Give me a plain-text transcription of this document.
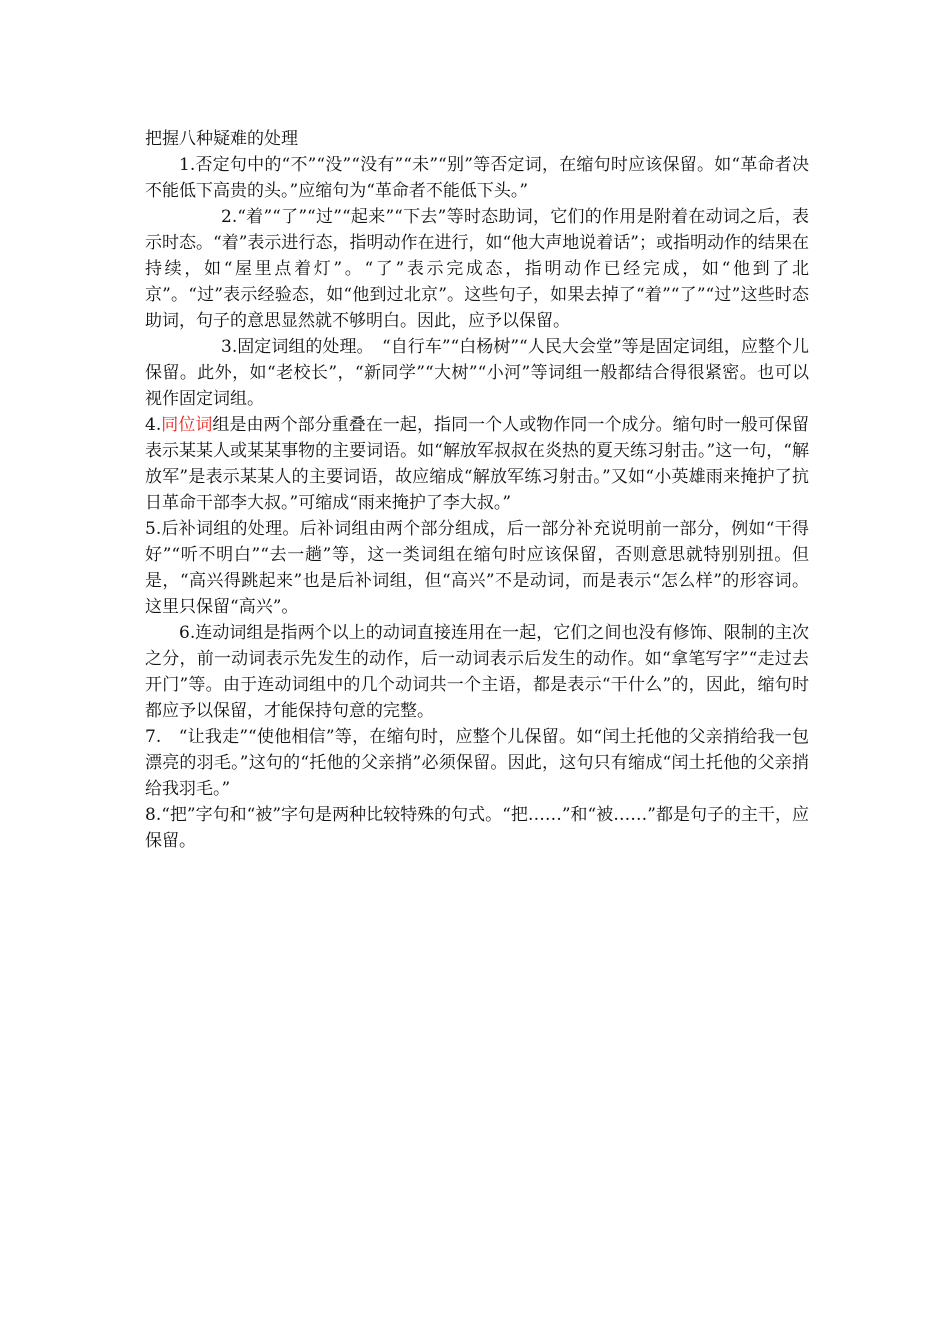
把握八种疑难的处理

1.否定句中的“不”“没”“没有”“未”“别”等否定词，在缩句时应该保留。如“革命者决不能低下高贵的头。”应缩句为“革命者不能低下头。”

2.“着”“了”“过”“起来”“下去”等时态助词，它们的作用是附着在动词之后，表示时态。“着”表示进行态，指明动作在进行，如“他大声地说着话”；或指明动作的结果在持续，如“屋里点着灯”。“了”表示完成态，指明动作已经完成，如“他到了北京”。“过”表示经验态，如“他到过北京”。这些句子，如果去掉了“着”“了”“过”这些时态助词，句子的意思显然就不够明白。因此，应予以保留。

3.固定词组的处理。　“自行车”“白杨树”“人民大会堂”等是固定词组，应整个儿保留。此外，如“老校长”，“新同学”“大树”“小河”等词组一般都结合得很紧密。也可以视作固定词组。

4.同位词组是由两个部分重叠在一起，指同一个人或物作同一个成分。缩句时一般可保留表示某某人或某某事物的主要词语。如“解放军叔叔在炎热的夏天练习射击。”这一句，“解放军”是表示某某人的主要词语，故应缩成“解放军练习射击。”又如“小英雄雨来掩护了抗日革命干部李大叔。”可缩成“雨来掩护了李大叔。”

5.后补词组的处理。后补词组由两个部分组成，后一部分补充说明前一部分，例如“干得好”“听不明白”“去一趟”等，这一类词组在缩句时应该保留，否则意思就特别别扭。但是，“高兴得跳起来”也是后补词组，但“高兴”不是动词，而是表示“怎么样”的形容词。这里只保留“高兴”。

6.连动词组是指两个以上的动词直接连用在一起，它们之间也没有修饰、限制的主次之分，前一动词表示先发生的动作，后一动词表示后发生的动作。如“拿笔写字”“走过去开门”等。由于连动词组中的几个动词共一个主语，都是表示“干什么”的，因此，缩句时都应予以保留，才能保持句意的完整。

7.　“让我走”“使他相信”等，在缩句时，应整个儿保留。如“闰土托他的父亲捎给我一包漂亮的羽毛。”这句的“托他的父亲捎”必须保留。因此，这句只有缩成“闰土托他的父亲捎给我羽毛。”

8.“把”字句和“被”字句是两种比较特殊的句式。“把……”和“被……”都是句子的主干，应保留。
